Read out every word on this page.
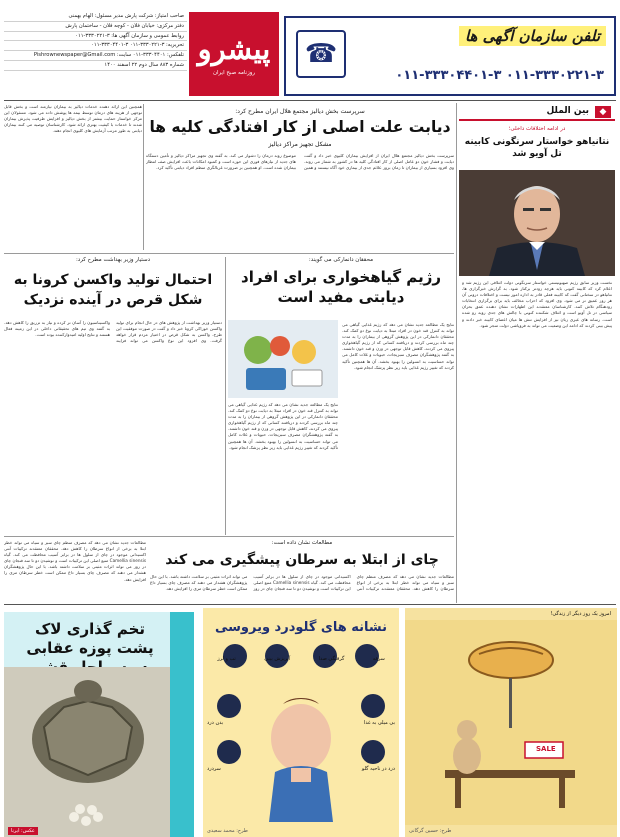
صاحب امتیاز: شرکت پارش مدیر مسئول: الهام بهمنی
دفتر مرکزی: خیابان فلان - کوچه فلان - ساختمان پارش
روابط عمومی و سازمان آگهی ها: ۳-۳۳۳۰۲۲۱-۰۱۱
تحریریه: ۳-۳۳۳۰۲۲۱-۰۱۱ ۳-۳۳۳۰۴۴۰۱-۰۱۱
تلفکس: ۳۳۳۰۴۴۰۱-۰۱۱ سایت: Pishrownewspaper@Gmail.com
شماره ۸۸۳ سال دوم ۲۲ اسفند ۱۴۰۰

پیشرو
روزنامه صبح ایران
تلفن سازمان آگهی ها
۰۱۱-۳۳۳۰۲۲۱-۳ ۰۱۱-۳۳۳۰۴۴۰۱-۳
☎
◆
بین الملل
در ادامه اختلافات داخلی؛
نتانیاهو خواستار سرنگونی کابینه تل آویو شد
نخست وزیر سابق رژیم صهیونیستی خواستار سرنگونی دولت ائتلافی این رژیم شد و اعلام کرد که کابینه کنونی باید هرچه زودتر برکنار شود. به گزارش خبرگزاری ها، نتانیاهو در سخنانی گفت که کابینه فعلی قادر به اداره امور نیست و اختلافات درونی آن هر روز عمیق تر می شود. وی افزود که احزاب مخالف باید برای برگزاری انتخابات زودهنگام تلاش کنند. کارشناسان معتقدند این اظهارات نشان دهنده عمق بحران سیاسی در تل آویو است و ائتلاف شکننده کنونی با چالش های جدی روبه رو شده است. رسانه های عبری زبان نیز از افزایش تنش ها میان اعضای کابینه خبر دادند و پیش بینی کردند که ادامه این وضعیت می تواند به فروپاشی دولت منجر شود.
سرپرست بخش دیالیز مجتمع هلال ایران مطرح کرد:
دیابت علت اصلی از کار افتادگی کلیه ها
مشکل تجهیز مراکز دیالیز
سرپرست بخش دیالیز مجتمع هلال ایران از افزایش بیماران کلیوی خبر داد و گفت دیابت و فشار خون دو عامل اصلی از کار افتادگی کلیه ها در کشور به شمار می روند. وی افزود بسیاری از بیماران تا زمان بروز علائم جدی از بیماری خود آگاه نیستند و همین موضوع روند درمان را دشوار می کند. به گفته وی تجهیز مراکز دیالیز و تأمین دستگاه های جدید از نیازهای فوری این حوزه است و کمبود امکانات باعث افزایش صف انتظار بیماران شده است. او همچنین بر ضرورت غربالگری منظم افراد دیابتی تأکید کرد.
همچنین این ارائه دهنده خدمات دیالیز به بیماران نیازمند است و بخش قابل توجهی از هزینه های درمان توسط بیمه ها پوشش داده می شود. مسئولان این مرکز خواستار حمایت بیشتر از بخش دیالیز و افزایش ظرفیت پذیرش بیماران شدند تا خدمات با کیفیت بهتری ارائه شود. کارشناسان توصیه می کنند بیماران دیابتی به طور مرتب آزمایش های کلیوی انجام دهند.
محققان دانمارکی می گویند:
رژیم گیاهخواری برای افراد دیابتی مفید است
نتایج یک مطالعه جدید نشان می دهد که رژیم غذایی گیاهی می تواند به کنترل قند خون در افراد مبتلا به دیابت نوع دو کمک کند. محققان دانمارکی در این پژوهش گروهی از بیماران را به مدت چند ماه بررسی کردند و دریافتند کسانی که از رژیم گیاهخواری پیروی می کردند، کاهش قابل توجهی در وزن و قند خون داشتند. به گفته پژوهشگران مصرف سبزیجات، حبوبات و غلات کامل می تواند حساسیت به انسولین را بهبود بخشد. آن ها همچنین تأکید کردند که تغییر رژیم غذایی باید زیر نظر پزشک انجام شود.
نتایج یک مطالعه جدید نشان می دهد که رژیم غذایی گیاهی می تواند به کنترل قند خون در افراد مبتلا به دیابت نوع دو کمک کند. محققان دانمارکی در این پژوهش گروهی از بیماران را به مدت چند ماه بررسی کردند و دریافتند کسانی که از رژیم گیاهخواری پیروی می کردند، کاهش قابل توجهی در وزن و قند خون داشتند. به گفته پژوهشگران مصرف سبزیجات، حبوبات و غلات کامل می تواند حساسیت به انسولین را بهبود بخشد. آن ها همچنین تأکید کردند که تغییر رژیم غذایی باید زیر نظر پزشک انجام شود.
دستیار وزیر بهداشت مطرح کرد:
احتمال تولید واکسن کرونا به شکل قرص در آینده نزدیک
دستیار وزیر بهداشت از پژوهش های در حال انجام برای تولید واکسن خوراکی کرونا خبر داد و گفت در صورت موفقیت این طرح، واکسن به شکل قرص در اختیار مردم قرار خواهد گرفت. وی افزود این نوع واکسن می تواند فرایند واکسیناسیون را آسان تر کرده و نیاز به تزریق را کاهش دهد. به گفته وی تیم های تحقیقاتی داخلی در این زمینه فعال هستند و نتایج اولیه امیدوارکننده بوده است.
مطالعات نشان داده است:
چای از ابتلا به سرطان پیشگیری می کند
مطالعات جدید نشان می دهد که مصرف منظم چای سبز و سیاه می تواند خطر ابتلا به برخی از انواع سرطان را کاهش دهد. محققان معتقدند ترکیبات آنتی اکسیدانی موجود در چای از سلول ها در برابر آسیب محافظت می کند. گیاه Camellia sinensis منبع اصلی این ترکیبات است و نوشیدن دو تا سه فنجان چای در روز می تواند اثرات مثبتی بر سلامت داشته باشد. با این حال پژوهشگران هشدار می دهند که مصرف چای بسیار داغ ممکن است خطر سرطان مری را افزایش دهد.
مطالعات جدید نشان می دهد که مصرف منظم چای سبز و سیاه می تواند خطر ابتلا به برخی از انواع سرطان را کاهش دهد. محققان معتقدند ترکیبات آنتی اکسیدانی موجود در چای از سلول ها در برابر آسیب محافظت می کند. گیاه Camellia sinensis منبع اصلی این ترکیبات است و نوشیدن دو تا سه فنجان چای در روز می تواند اثرات مثبتی بر سلامت داشته باشد. با این حال پژوهشگران هشدار می دهند که مصرف چای بسیار داغ ممکن است خطر سرطان مری را افزایش دهد.
تخم گذاری لاک پشت پوزه عقابی
عکس: ایرنا
نشانه های گلودرد ویروسی
سرفه
گرفتگی صدا
آبریزش بینی
تب و لرز
بدن درد
سردرد
بی میلی به غذا
درد در ناحیه گلو
طرح: محمد سعیدی
امروز یک روز دیگر از زندگی!
SALE
طرح: حسین گرگانی
